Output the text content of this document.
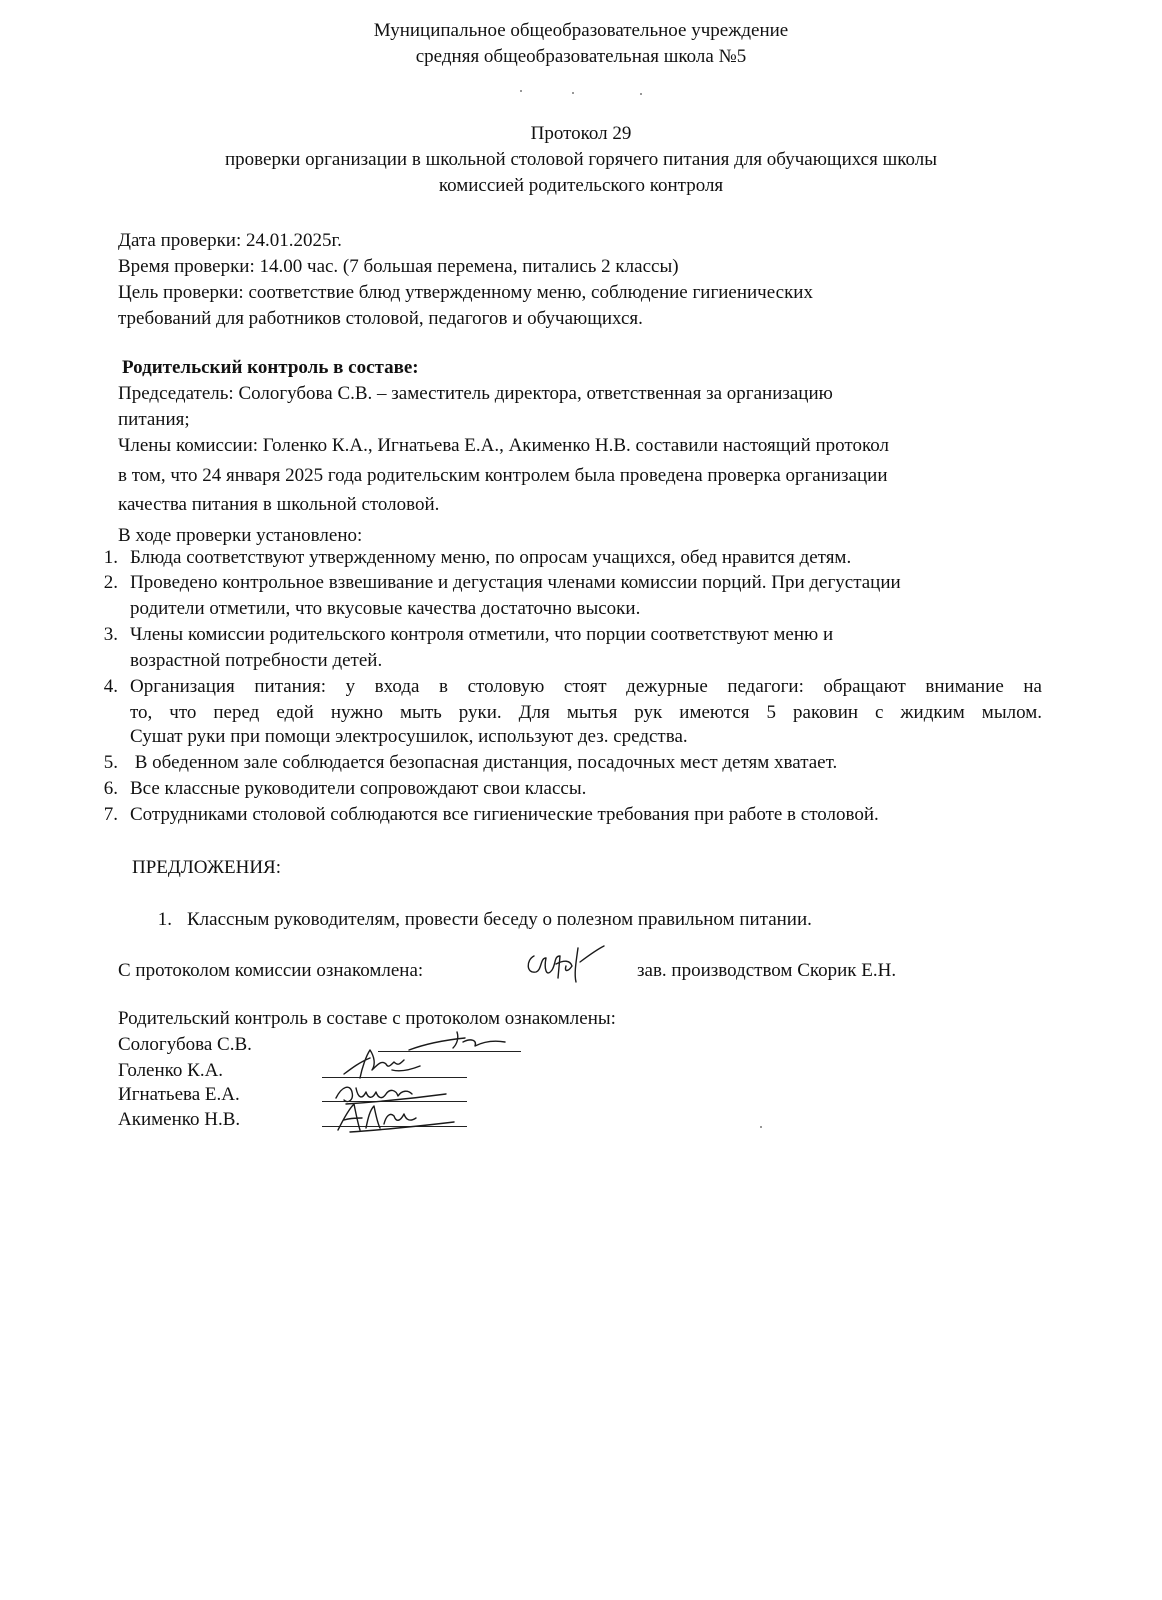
Муниципальное общеобразовательное учреждение
средняя общеобразовательная школа №5
Протокол 29
проверки организации в школьной столовой горячего питания для обучающихся школы
комиссией родительского контроля
Дата проверки: 24.01.2025г.
Время проверки: 14.00 час. (7 большая перемена, питались 2 классы)
Цель проверки: соответствие блюд утвержденному меню, соблюдение гигиенических
требований для работников столовой, педагогов и обучающихся.
Родительский контроль в составе:
Председатель: Сологубова С.В. – заместитель директора, ответственная за организацию
питания;
Члены комиссии: Голенко К.А., Игнатьева Е.А., Акименко Н.В. составили настоящий протокол
в том, что 24 января 2025 года родительским контролем была проведена проверка организации
качества питания в школьной столовой.
В ходе проверки установлено:
1. Блюда соответствуют утвержденному меню, по опросам учащихся, обед нравится детям.
2. Проведено контрольное взвешивание и дегустация членами комиссии порций. При дегустации
родители отметили, что вкусовые качества достаточно высоки.
3. Члены комиссии родительского контроля отметили, что порции соответствуют меню и
возрастной потребности детей.
4. Организация питания: у входа в столовую стоят дежурные педагоги: обращают внимание на
то, что перед едой нужно мыть руки. Для мытья рук имеются 5 раковин с жидким мылом.
Сушат руки при помощи электросушилок, используют дез. средства.
5. В обеденном зале соблюдается безопасная дистанция, посадочных мест детям хватает.
6. Все классные руководители сопровождают свои классы.
7. Сотрудниками столовой соблюдаются все гигиенические требования при работе в столовой.
ПРЕДЛОЖЕНИЯ:
1. Классным руководителям, провести беседу о полезном правильном питании.
С протоколом комиссии ознакомлена:	зав. производством Скорик Е.Н.
Родительский контроль в составе с протоколом ознакомлены:
Сологубова С.В.
Голенко К.А.
Игнатьева Е.А.
Акименко Н.В.
